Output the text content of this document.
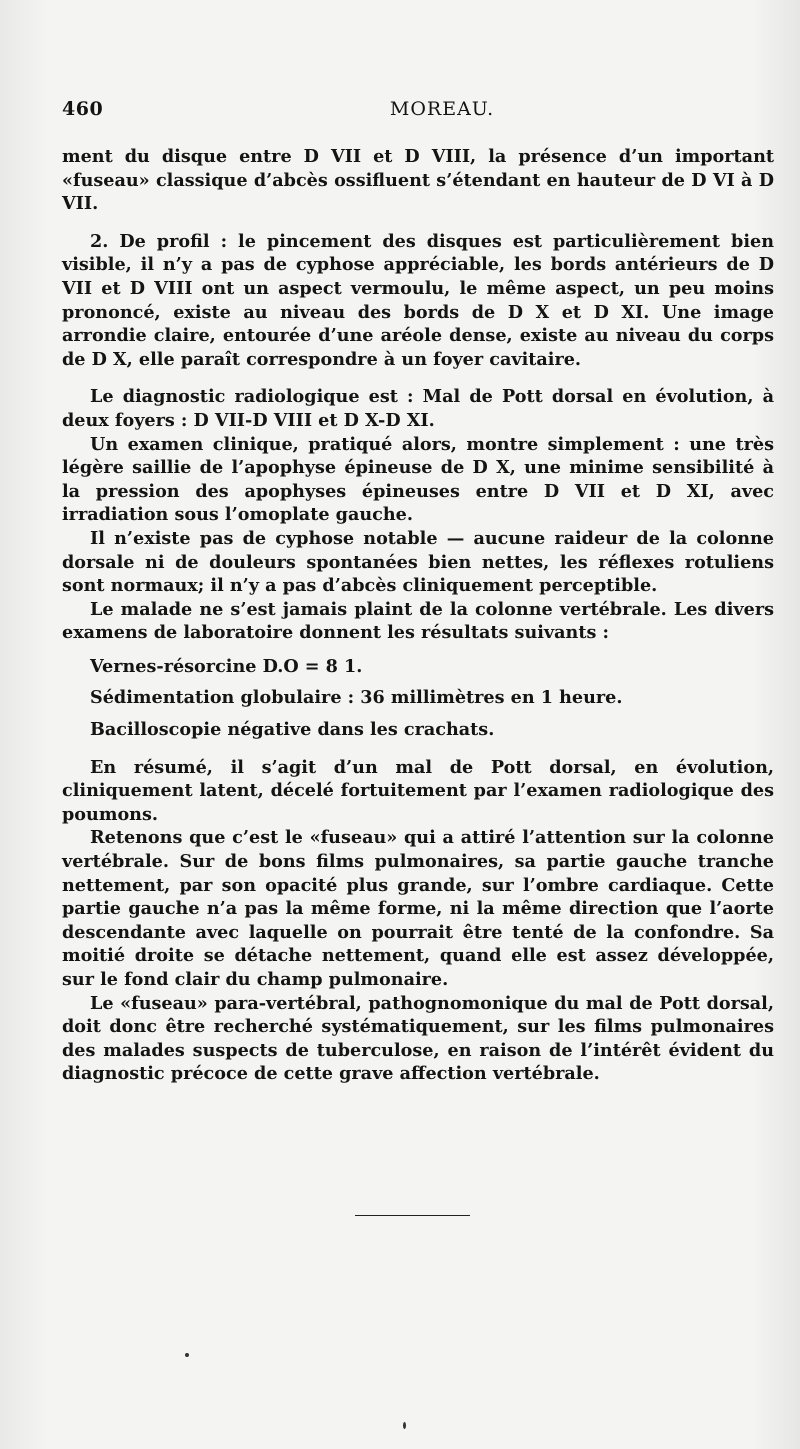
460	MOREAU.

ment du disque entre D VII et D VIII, la présence d’un important «fuseau» classique d’abcès ossifluent s’étendant en hauteur de D VI à D VII.

2. De profil : le pincement des disques est particulièrement bien visible, il n’y a pas de cyphose appréciable, les bords antérieurs de D VII et D VIII ont un aspect vermoulu, le même aspect, un peu moins prononcé, existe au niveau des bords de D X et D XI. Une image arrondie claire, entourée d’une aréole dense, existe au niveau du corps de D X, elle paraît correspondre à un foyer cavitaire.

Le diagnostic radiologique est : Mal de Pott dorsal en évolution, à deux foyers : D VII-D VIII et D X-D XI.

Un examen clinique, pratiqué alors, montre simplement : une très légère saillie de l’apophyse épineuse de D X, une minime sensibilité à la pression des apophyses épineuses entre D VII et D XI, avec irradiation sous l’omoplate gauche.

Il n’existe pas de cyphose notable — aucune raideur de la colonne dorsale ni de douleurs spontanées bien nettes, les réflexes rotuliens sont normaux; il n’y a pas d’abcès cliniquement perceptible.

Le malade ne s’est jamais plaint de la colonne vertébrale. Les divers examens de laboratoire donnent les résultats suivants :

Vernes-résorcine D.O = 8 1.

Sédimentation globulaire : 36 millimètres en 1 heure.

Bacilloscopie négative dans les crachats.

En résumé, il s’agit d’un mal de Pott dorsal, en évolution, cliniquement latent, décelé fortuitement par l’examen radiologique des poumons.

Retenons que c’est le «fuseau» qui a attiré l’attention sur la colonne vertébrale. Sur de bons films pulmonaires, sa partie gauche tranche nettement, par son opacité plus grande, sur l’ombre cardiaque. Cette partie gauche n’a pas la même forme, ni la même direction que l’aorte descendante avec laquelle on pourrait être tenté de la confondre. Sa moitié droite se détache nettement, quand elle est assez développée, sur le fond clair du champ pulmonaire.

Le «fuseau» para-vertébral, pathognomonique du mal de Pott dorsal, doit donc être recherché systématiquement, sur les films pulmonaires des malades suspects de tuberculose, en raison de l’intérêt évident du diagnostic précoce de cette grave affection vertébrale.
